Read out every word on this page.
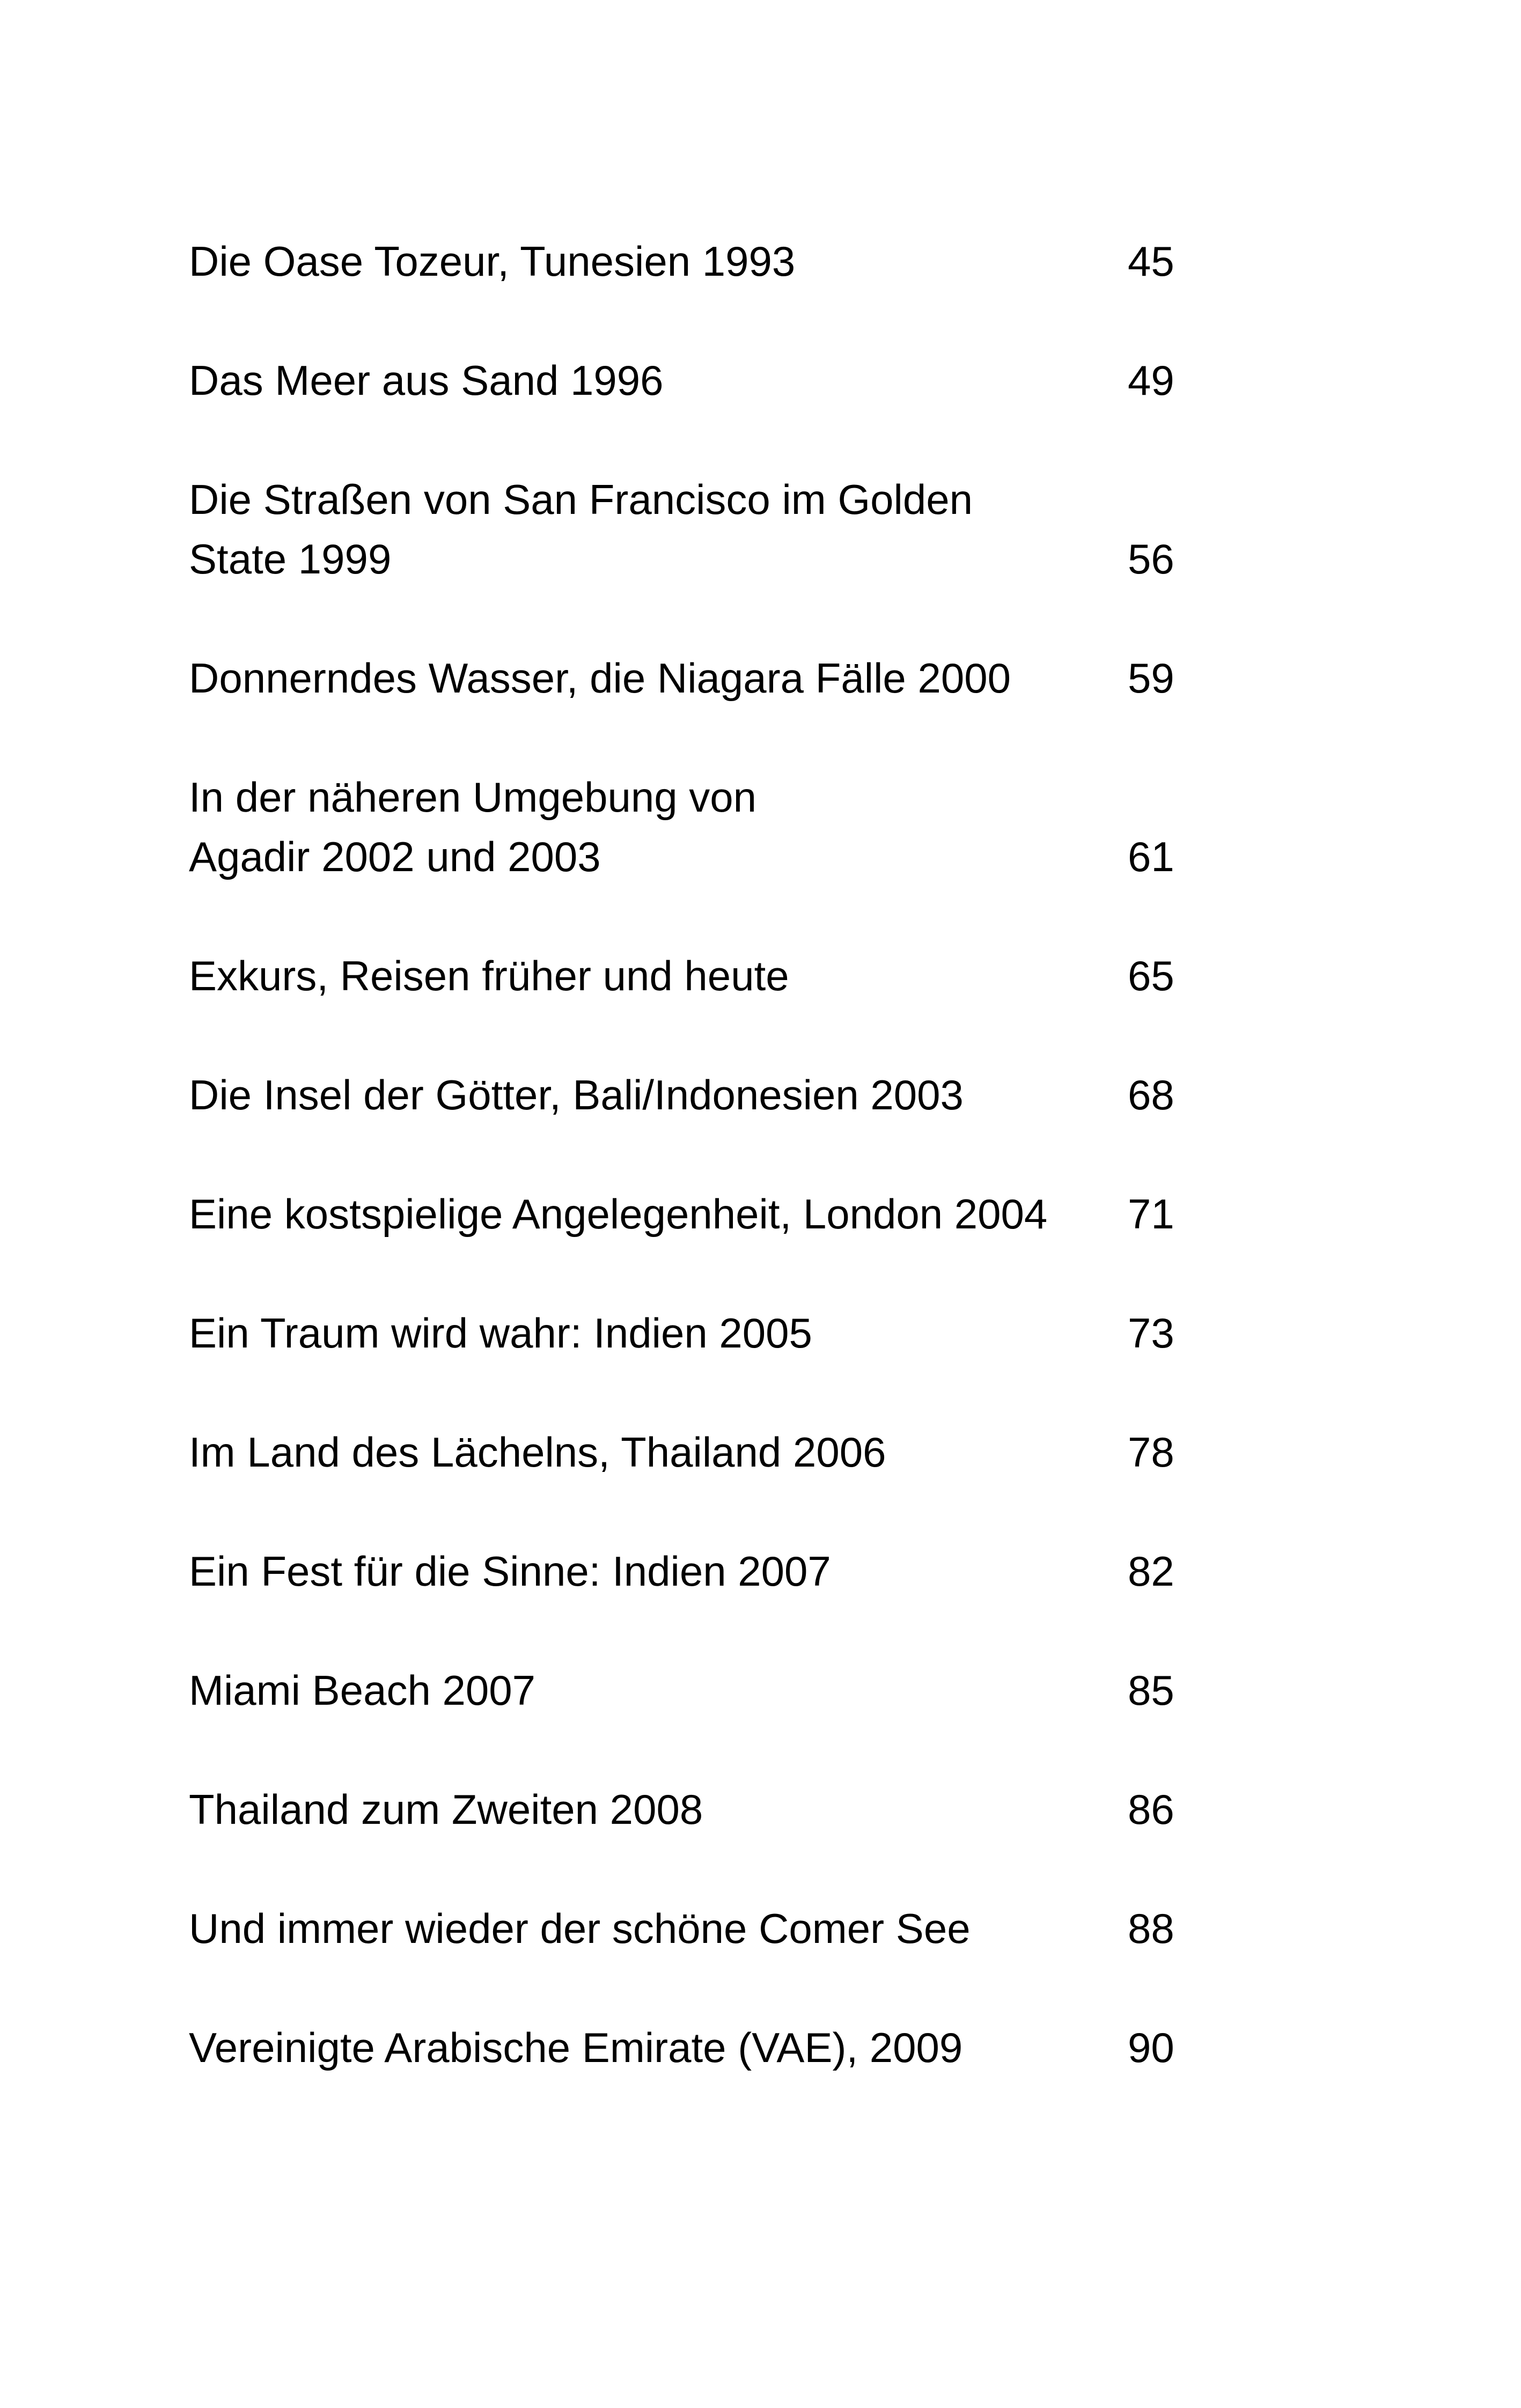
Die Oase Tozeur, Tunesien 1993	45
Das Meer aus Sand 1996	49
Die Straßen von San Francisco im Golden
State 1999	56
Donnerndes Wasser, die Niagara Fälle 2000	59
In der näheren Umgebung von
Agadir 2002 und 2003	61
Exkurs, Reisen früher und heute	65
Die Insel der Götter, Bali/Indonesien 2003	68
Eine kostspielige Angelegenheit, London 2004	71
Ein Traum wird wahr: Indien 2005	73
Im Land des Lächelns, Thailand 2006	78
Ein Fest für die Sinne: Indien 2007	82
Miami Beach 2007	85
Thailand zum Zweiten 2008	86
Und immer wieder der schöne Comer See	88
Vereinigte Arabische Emirate (VAE), 2009	90
